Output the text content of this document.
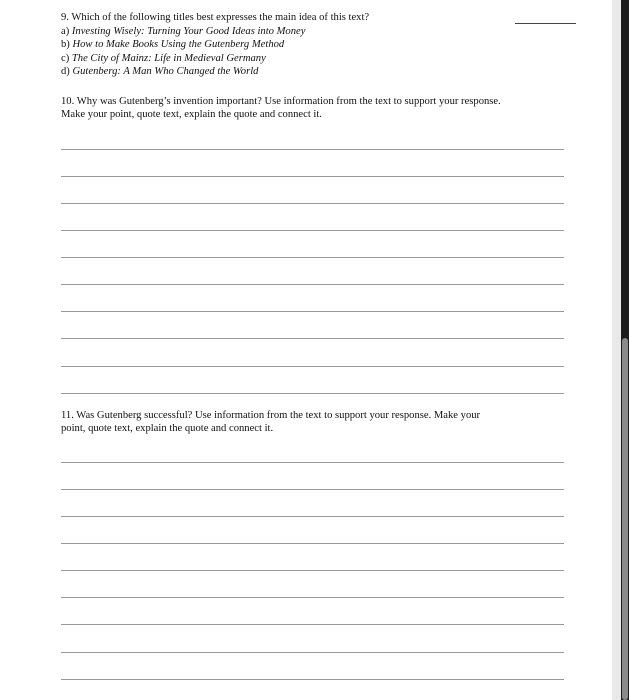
9. Which of the following titles best expresses the main idea of this text?
a) Investing Wisely: Turning Your Good Ideas into Money
b) How to Make Books Using the Gutenberg Method
c) The City of Mainz: Life in Medieval Germany
d) Gutenberg: A Man Who Changed the World
10. Why was Gutenberg’s invention important? Use information from the text to support your response.
Make your point, quote text, explain the quote and connect it.
11. Was Gutenberg successful? Use information from the text to support your response. Make your
point, quote text, explain the quote and connect it.
